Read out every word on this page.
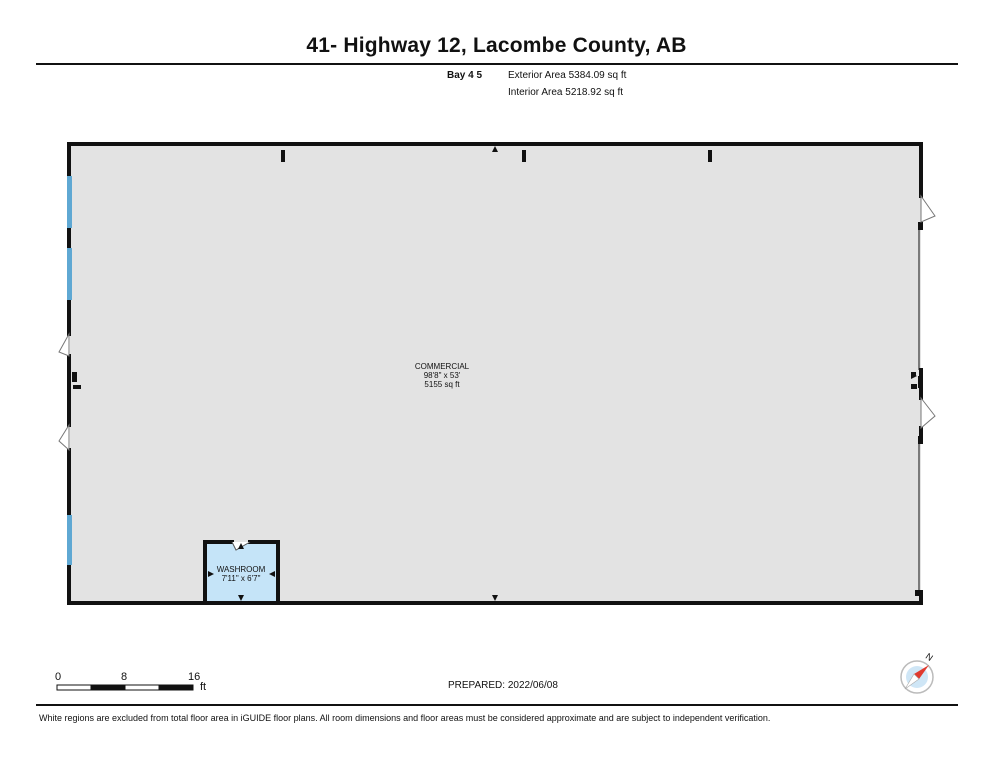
41- Highway 12, Lacombe County, AB
Bay 4 5	Exterior Area 5384.09 sq ft
Interior Area 5218.92 sq ft
COMMERCIAL
98'8" x 53'
5155 sq ft
WASHROOM
7'11" x 6'7"
0	8	16
ft
N
PREPARED: 2022/06/08
White regions are excluded from total floor area in iGUIDE floor plans. All room dimensions and floor areas must be considered approximate and are subject to independent verification.
